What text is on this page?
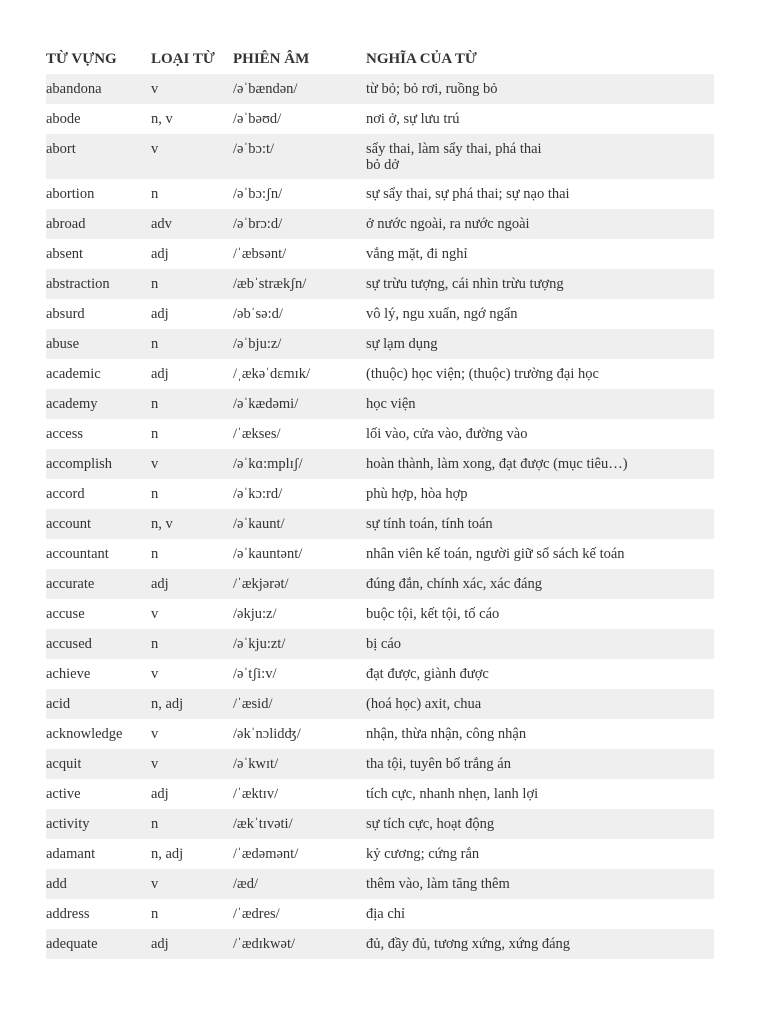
TỪ VỰNG	LOẠI TỪ	PHIÊN ÂM	NGHĨA CỦA TỪ
abandona	v	/əˈbændən/	từ bỏ; bỏ rơi, ruồng bỏ
abode	n, v	/əˈbəʊd/	nơi ở, sự lưu trú
abort	v	/əˈbɔ:t/	sẩy thai, làm sẩy thai, phá thai
bỏ dở

abortion	n	/əˈbɔ:ʃn/	sự sẩy thai, sự phá thai; sự nạo thai
abroad	adv	/əˈbrɔ:d/	ở nước ngoài, ra nước ngoài
absent	adj	/ˈæbsənt/	vắng mặt, đi nghỉ
abstraction	n	/æbˈstrækʃn/	sự trừu tượng, cái nhìn trừu tượng
absurd	adj	/əbˈsə:d/	vô lý, ngu xuẩn, ngớ ngẩn
abuse	n	/əˈbju:z/	sự lạm dụng
academic	adj	/ˌækəˈdɛmɪk/	(thuộc) học viện; (thuộc) trường đại học
academy	n	/əˈkædəmi/	học viện
access	n	/ˈækses/	lối vào, cửa vào, đường vào
accomplish	v	/əˈkɑ:mplɪʃ/	hoàn thành, làm xong, đạt được (mục tiêu…)
accord	n	/əˈkɔ:rd/	phù hợp, hòa hợp
account	n, v	/əˈkaunt/	sự tính toán, tính toán
accountant	n	/əˈkauntənt/	nhân viên kế toán, người giữ sổ sách kế toán
accurate	adj	/ˈækjərət/	đúng đắn, chính xác, xác đáng
accuse	v	/əkju:z/	buộc tội, kết tội, tố cáo
accused	n	/əˈkju:zt/	bị cáo
achieve	v	/əˈtʃi:v/	đạt được, giành được
acid	n, adj	/ˈæsid/	(hoá học) axit, chua
acknowledge	v	/əkˈnɔlidʤ/	nhận, thừa nhận, công nhận
acquit	v	/əˈkwɪt/	tha tội, tuyên bố trắng án
active	adj	/ˈæktɪv/	tích cực, nhanh nhẹn, lanh lợi
activity	n	/ækˈtɪvəti/	sự tích cực, hoạt động
adamant	n, adj	/ˈædəmənt/	kỷ cương; cứng rắn
add	v	/æd/	thêm vào, làm tăng thêm
address	n	/ˈædres/	địa chỉ
adequate	adj	/ˈædɪkwət/	đủ, đầy đủ, tương xứng, xứng đáng
